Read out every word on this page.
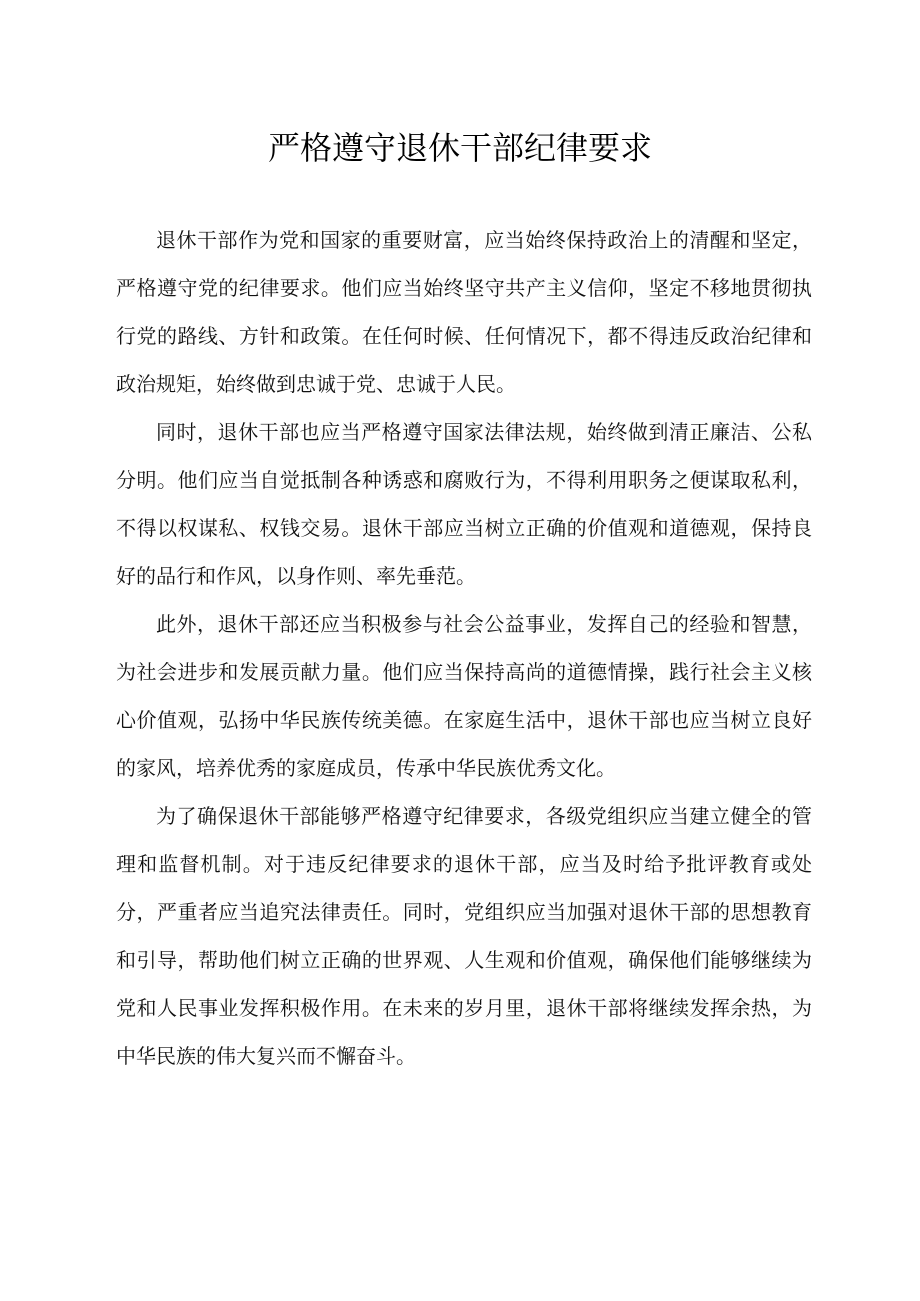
严格遵守退休干部纪律要求

退休干部作为党和国家的重要财富，应当始终保持政治上的清醒和坚定，严格遵守党的纪律要求。他们应当始终坚守共产主义信仰，坚定不移地贯彻执行党的路线、方针和政策。在任何时候、任何情况下，都不得违反政治纪律和政治规矩，始终做到忠诚于党、忠诚于人民。

同时，退休干部也应当严格遵守国家法律法规，始终做到清正廉洁、公私分明。他们应当自觉抵制各种诱惑和腐败行为，不得利用职务之便谋取私利，不得以权谋私、权钱交易。退休干部应当树立正确的价值观和道德观，保持良好的品行和作风，以身作则、率先垂范。

此外，退休干部还应当积极参与社会公益事业，发挥自己的经验和智慧，为社会进步和发展贡献力量。他们应当保持高尚的道德情操，践行社会主义核心价值观，弘扬中华民族传统美德。在家庭生活中，退休干部也应当树立良好的家风，培养优秀的家庭成员，传承中华民族优秀文化。

为了确保退休干部能够严格遵守纪律要求，各级党组织应当建立健全的管理和监督机制。对于违反纪律要求的退休干部，应当及时给予批评教育或处分，严重者应当追究法律责任。同时，党组织应当加强对退休干部的思想教育和引导，帮助他们树立正确的世界观、人生观和价值观，确保他们能够继续为党和人民事业发挥积极作用。在未来的岁月里，退休干部将继续发挥余热，为中华民族的伟大复兴而不懈奋斗。
